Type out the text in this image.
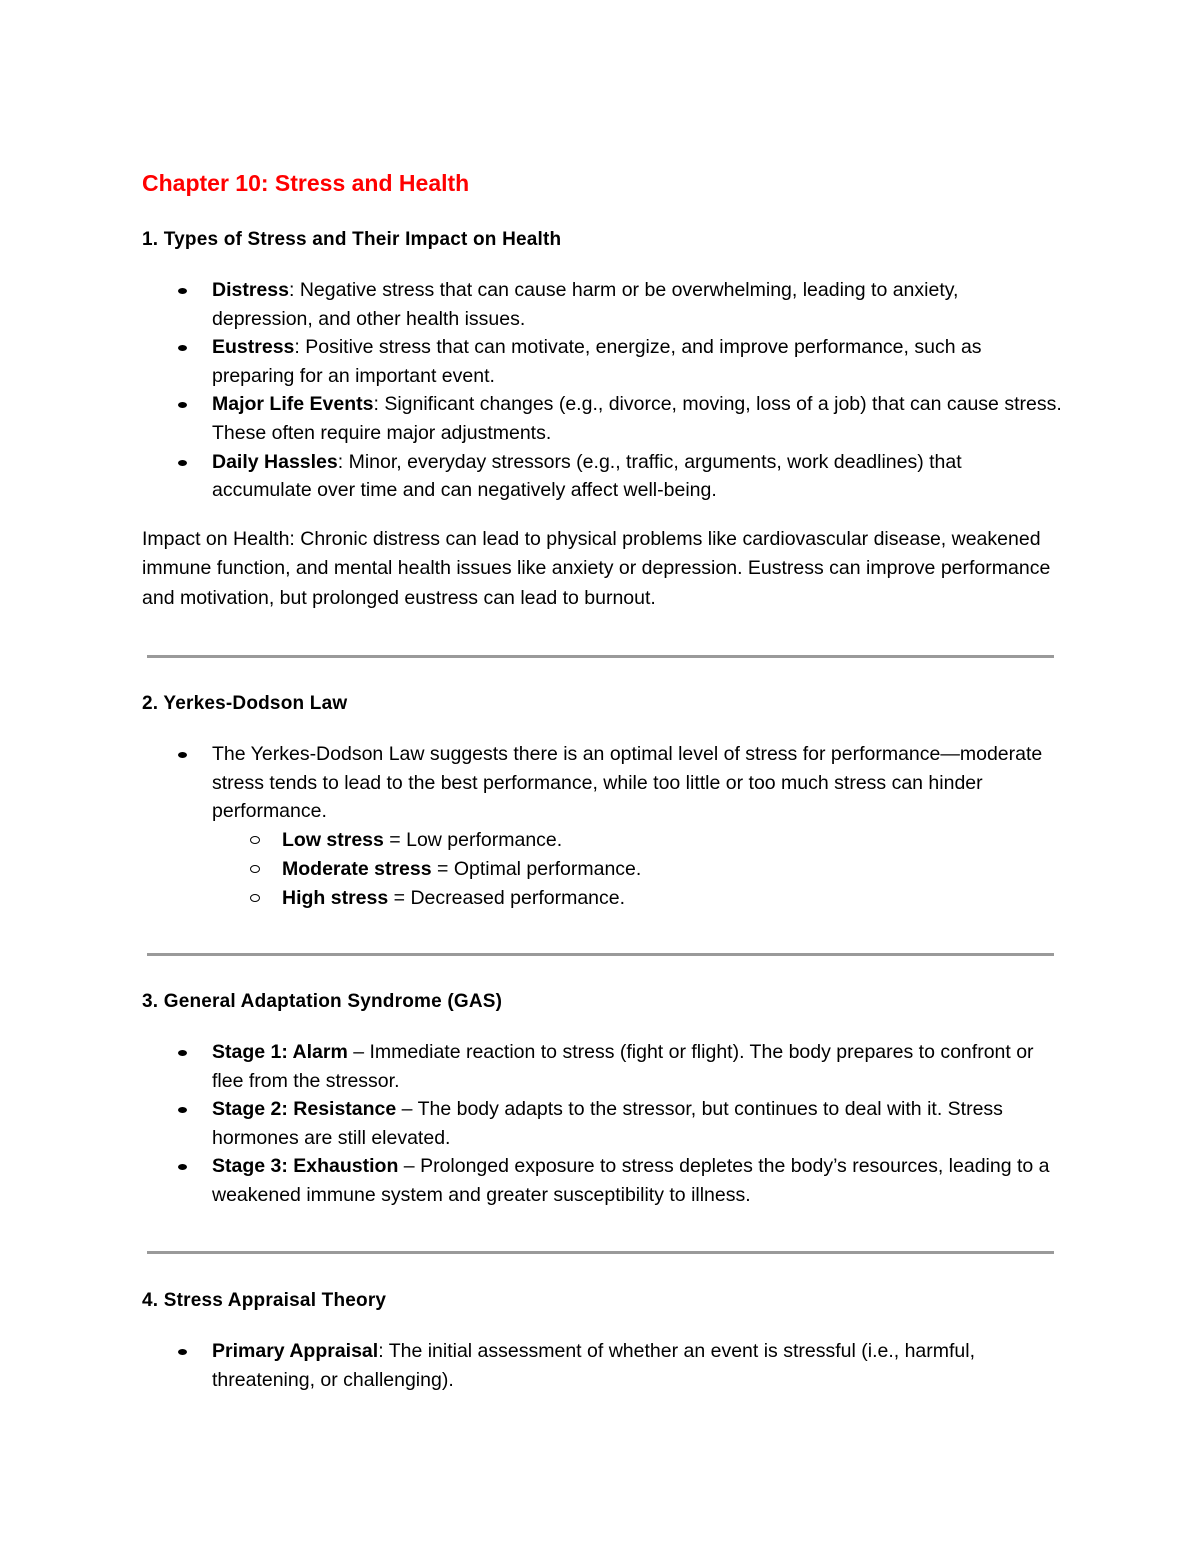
Chapter 10: Stress and Health
1. Types of Stress and Their Impact on Health
Distress: Negative stress that can cause harm or be overwhelming, leading to anxiety, depression, and other health issues.
Eustress: Positive stress that can motivate, energize, and improve performance, such as preparing for an important event.
Major Life Events: Significant changes (e.g., divorce, moving, loss of a job) that can cause stress. These often require major adjustments.
Daily Hassles: Minor, everyday stressors (e.g., traffic, arguments, work deadlines) that accumulate over time and can negatively affect well-being.
Impact on Health: Chronic distress can lead to physical problems like cardiovascular disease, weakened immune function, and mental health issues like anxiety or depression. Eustress can improve performance and motivation, but prolonged eustress can lead to burnout.
2. Yerkes-Dodson Law
The Yerkes-Dodson Law suggests there is an optimal level of stress for performance—moderate stress tends to lead to the best performance, while too little or too much stress can hinder performance.
Low stress = Low performance.
Moderate stress = Optimal performance.
High stress = Decreased performance.
3. General Adaptation Syndrome (GAS)
Stage 1: Alarm – Immediate reaction to stress (fight or flight). The body prepares to confront or flee from the stressor.
Stage 2: Resistance – The body adapts to the stressor, but continues to deal with it. Stress hormones are still elevated.
Stage 3: Exhaustion – Prolonged exposure to stress depletes the body’s resources, leading to a weakened immune system and greater susceptibility to illness.
4. Stress Appraisal Theory
Primary Appraisal: The initial assessment of whether an event is stressful (i.e., harmful, threatening, or challenging).
